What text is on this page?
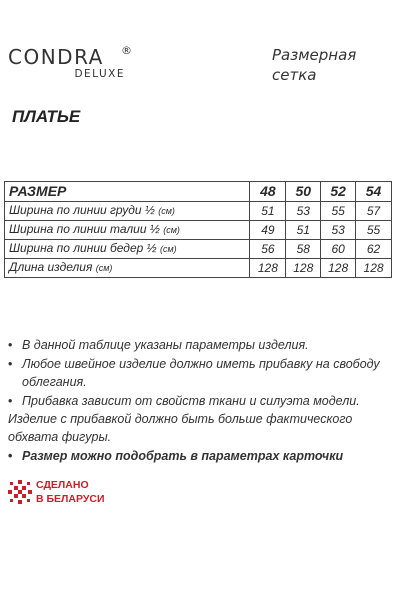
CONDRA ®
DELUXE
Размерная
сетка
ПЛАТЬЕ
РАЗМЕР	48	50	52	54
Ширина по линии груди ½ (см)	51	53	55	57
Ширина по линии талии ½ (см)	49	51	53	55
Ширина по линии бедер ½ (см)	56	58	60	62
Длина изделия (см)	128	128	128	128
• В данной таблице указаны параметры изделия.
• Любое швейное изделие должно иметь прибавку на свободу облегания.
• Прибавка зависит от свойств ткани и силуэта модели.
Изделие с прибавкой должно быть больше фактического обхвата фигуры.
• Размер можно подобрать в параметрах карточки
СДЕЛАНО
В БЕЛАРУСИ
